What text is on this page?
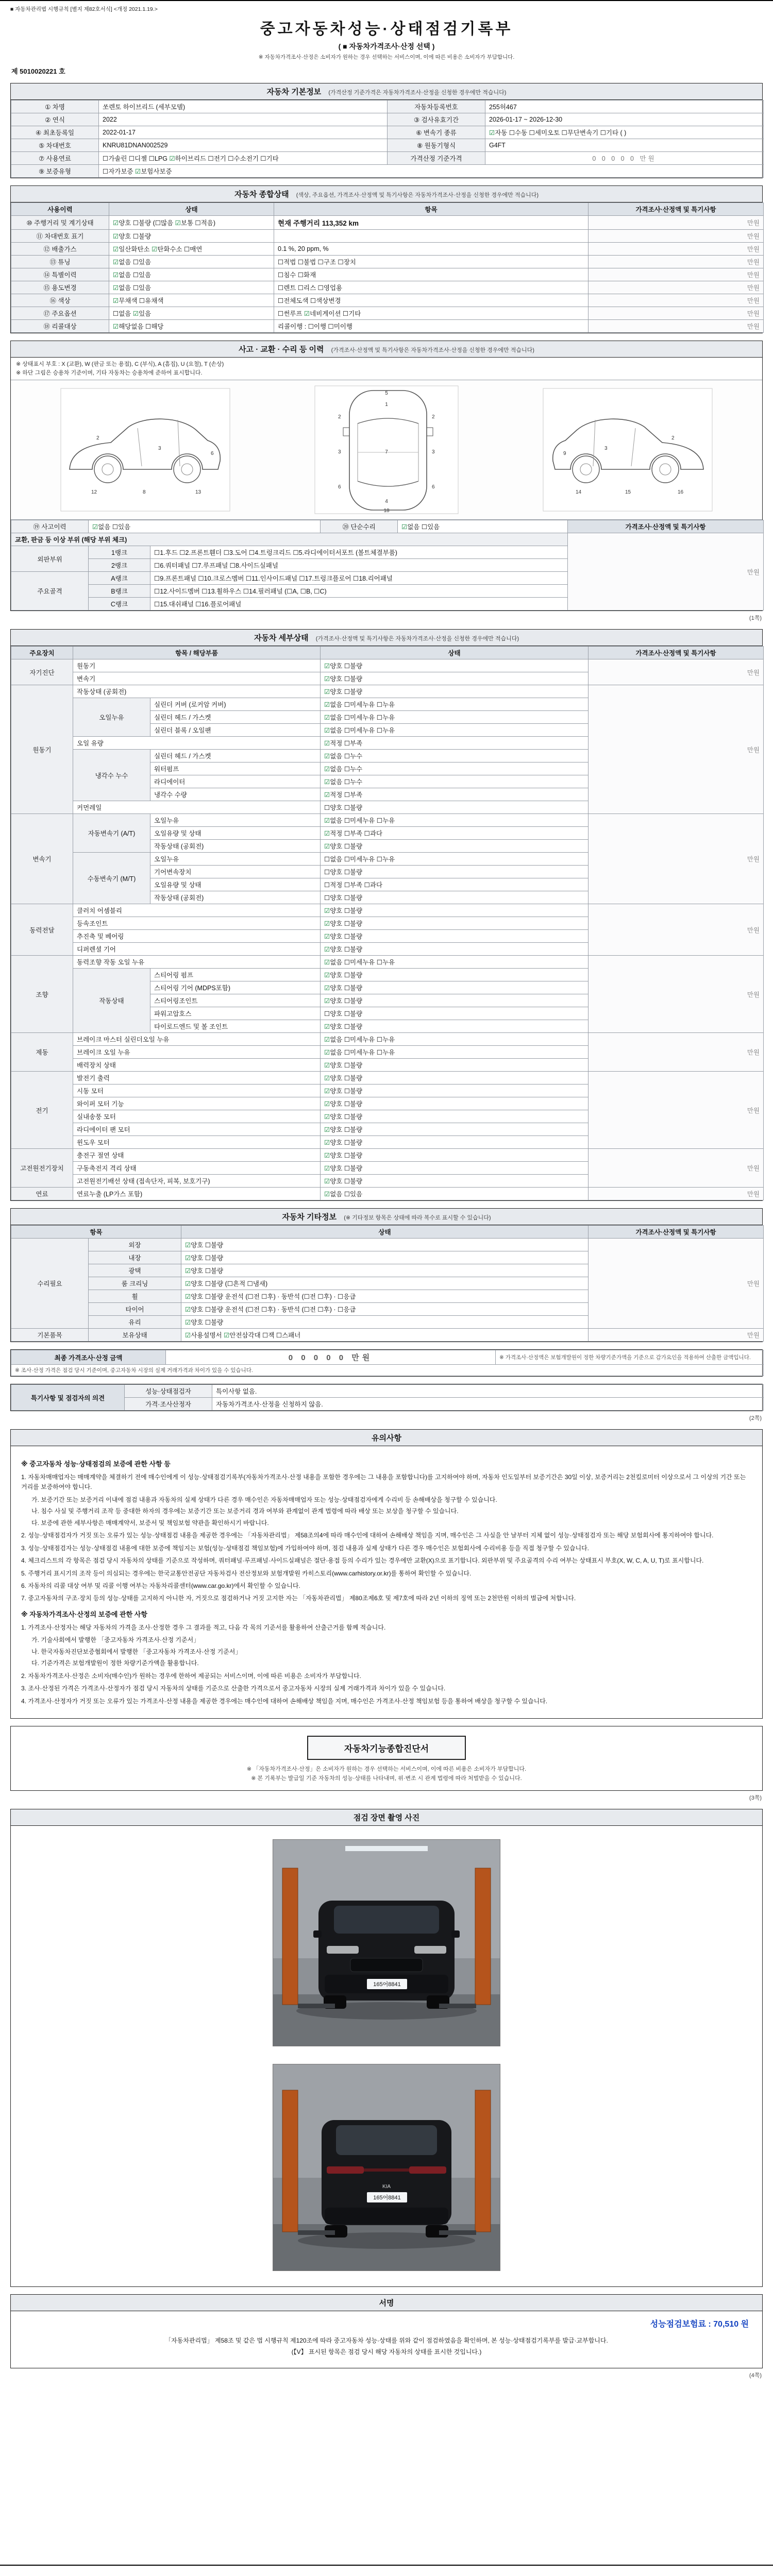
■ 자동차관리법 시행규칙 [별지 제82호서식] <개정 2021.1.19.>
중고자동차성능·상태점검기록부
( ■ 자동차가격조사·산정 선택 )
※ 자동차가격조사·산정은 소비자가 원하는 경우 선택하는 서비스이며, 이에 따른 비용은 소비자가 부담합니다.
제 5010020221 호
자동차 기본정보 (가격산정 기준가격은 자동차가격조사·산정을 신청한 경우에만 적습니다)
① 차명	쏘렌토 하이브리드 (세부모델)	자동차등록번호	255허467
② 연식	2022	③ 검사유효기간	2026-01-17 ~ 2026-12-30
④ 최초등록일	2022-01-17	⑥ 변속기 종류	☑자동 ☐수동 ☐세미오토 ☐무단변속기 ☐기타 ( )
⑤ 차대번호	KNRU81DNAN002529	⑧ 원동기형식	G4FT
⑦ 사용연료	☐가솔린 ☐디젤 ☐LPG ☑하이브리드 ☐전기 ☐수소전기 ☐기타	가격산정 기준가격	0 0 0 0 0 만원
⑨ 보증유형	☐자가보증 ☑보험사보증		
자동차 종합상태 (색상, 주요옵션, 가격조사·산정액 및 특기사항은 자동차가격조사·산정을 신청한 경우에만 적습니다)
사용이력	상태	항목	가격조사·산정액 및 특기사항
⑩ 주행거리 및 계기상태	☑양호 ☐불량 (☐많음 ☑보통 ☐적음)	현재 주행거리 113,352 km	만원
⑪ 차대번호 표기	☑양호 ☐불량		만원
⑫ 배출가스	☑일산화탄소 ☑탄화수소 ☐매연	0.1 %, 20 ppm, %	만원
⑬ 튜닝	☑없음 ☐있음	☐적법 ☐불법 ☐구조 ☐장치	만원
⑭ 특별이력	☑없음 ☐있음	☐침수 ☐화재	만원
⑮ 용도변경	☑없음 ☐있음	☐렌트 ☐리스 ☐영업용	만원
⑯ 색상	☑무채색 ☐유채색	☐전체도색 ☐색상변경	만원
⑰ 주요옵션	☐없음 ☑있음	☐썬루프 ☑네비게이션 ☐기타	만원
⑱ 리콜대상	☑해당없음 ☐해당	리콜이행 : ☐이행 ☐미이행	만원
사고 · 교환 · 수리 등 이력 (가격조사·산정액 및 특기사항은 자동차가격조사·산정을 신청한 경우에만 적습니다)
※ 상태표시 부호 : X (교환), W (판금 또는 용접), C (부식), A (흠집), U (요철), T (손상)
※ 하단 그림은 승용차 기준이며, 기타 자동차는 승용차에 준하여 표시합니다.
2
3
6
12	8	13
1
5
7
4
2	2
3	3
6	6
18
9
3
2
14	15	16
⑲ 사고이력	☑없음 ☐있음		⑳ 단순수리	☑없음 ☐있음	가격조사·산정액 및 특기사항
교환, 판금 등 이상 부위 (해당 부위 체크)					만원
외판부위	1랭크	☐1.후드 ☐2.프론트휀더 ☐3.도어 ☐4.트렁크리드 ☐5.라디에이터서포트 (볼트체결부품)			
	2랭크	☐6.쿼터패널 ☐7.루프패널 ☐8.사이드실패널			
주요골격	A랭크	☐9.프론트패널 ☐10.크로스멤버 ☐11.인사이드패널 ☐17.트렁크플로어 ☐18.리어패널			
	B랭크	☐12.사이드멤버 ☐13.휠하우스 ☐14.필러패널 (☐A, ☐B, ☐C)			
	C랭크	☐15.대쉬패널 ☐16.플로어패널			
(1쪽)
자동차 세부상태 (가격조사·산정액 및 특기사항은 자동차가격조사·산정을 신청한 경우에만 적습니다)
주요장치	항목 / 해당부품		상태	가격조사·산정액 및 특기사항
자기진단	원동기		☑양호 ☐불량	만원
	변속기		☑양호 ☐불량	
원동기	작동상태 (공회전)		☑양호 ☐불량	만원
	오일누유	실린더 커버 (로커암 커버)	☑없음 ☐미세누유 ☐누유	
		실린더 헤드 / 가스켓	☑없음 ☐미세누유 ☐누유	
		실린더 블록 / 오일팬	☑없음 ☐미세누유 ☐누유	
	오일 유량		☑적정 ☐부족	
	냉각수 누수	실린더 헤드 / 가스켓	☑없음 ☐누수	
		워터펌프	☑없음 ☐누수	
		라디에이터	☑없음 ☐누수	
		냉각수 수량	☑적정 ☐부족	
	커먼레일		☐양호 ☐불량	
변속기	자동변속기 (A/T)	오일누유	☑없음 ☐미세누유 ☐누유	만원
		오일유량 및 상태	☑적정 ☐부족 ☐과다	
		작동상태 (공회전)	☑양호 ☐불량	
	수동변속기 (M/T)	오일누유	☐없음 ☐미세누유 ☐누유	
		기어변속장치	☐양호 ☐불량	
		오일유량 및 상태	☐적정 ☐부족 ☐과다	
		작동상태 (공회전)	☐양호 ☐불량	
동력전달	클러치 어셈블리		☑양호 ☐불량	만원
	등속조인트		☑양호 ☐불량	
	추진축 및 베어링		☑양호 ☐불량	
	디퍼렌셜 기어		☑양호 ☐불량	
조향	동력조향 작동 오일 누유		☑없음 ☐미세누유 ☐누유	만원
	작동상태	스티어링 펌프	☑양호 ☐불량	
		스티어링 기어 (MDPS포함)	☑양호 ☐불량	
		스티어링조인트	☑양호 ☐불량	
		파워고압호스	☐양호 ☐불량	
		타이로드엔드 및 볼 조인트	☑양호 ☐불량	
제동	브레이크 마스터 실린더오일 누유		☑없음 ☐미세누유 ☐누유	만원
	브레이크 오일 누유		☑없음 ☐미세누유 ☐누유	
	배력장치 상태		☑양호 ☐불량	
전기	발전기 출력		☑양호 ☐불량	만원
	시동 모터		☑양호 ☐불량	
	와이퍼 모터 기능		☑양호 ☐불량	
	실내송풍 모터		☑양호 ☐불량	
	라디에이터 팬 모터		☑양호 ☐불량	
	윈도우 모터		☑양호 ☐불량	
고전원전기장치	충전구 절연 상태		☑양호 ☐불량	만원
	구동축전지 격리 상태		☑양호 ☐불량	
	고전원전기배선 상태 (접속단자, 피복, 보호기구)		☑양호 ☐불량	
연료	연료누출 (LP가스 포함)		☑없음 ☐있음	만원
자동차 기타정보 (※ 기타정보 항목은 상태에 따라 복수로 표시할 수 있습니다)
항목		상태	가격조사·산정액 및 특기사항
수리필요	외장	☑양호 ☐불량	만원
	내장	☑양호 ☐불량	
	광택	☑양호 ☐불량	
	룸 크리닝	☑양호 ☐불량 (☐흔적 ☐냄새)	
	휠	☑양호 ☐불량 운전석 (☐전 ☐후) · 동반석 (☐전 ☐후) · ☐응급	
	타이어	☑양호 ☐불량 운전석 (☐전 ☐후) · 동반석 (☐전 ☐후) · ☐응급	
	유리	☑양호 ☐불량	
기본품목	보유상태	☑사용설명서 ☑안전삼각대 ☐잭 ☐스패너	만원
최종 가격조사·산정 금액	0 0 0 0 0 만원	※ 가격조사·산정액은 보험개발원이 정한 차량기준가액을 기준으로 감가요인을 적용하여 산출한 금액입니다.
※ 조사·산정 가격은 점검 당시 기준이며, 중고자동차 시장의 실제 거래가격과 차이가 있을 수 있습니다.
특기사항 및 점검자의 의견	성능·상태점검자	특이사항 없음.
	가격·조사산정자	자동차가격조사·산정을 신청하지 않음.
(2쪽)
유의사항
※ 중고자동차 성능·상태점검의 보증에 관한 사항 등
1. 자동차매매업자는 매매계약을 체결하기 전에 매수인에게 이 성능·상태점검기록부(자동차가격조사·산정 내용을 포함한 경우에는 그 내용을 포함합니다)를 고지하여야 하며, 자동차 인도일부터 보증기간은 30일 이상, 보증거리는 2천킬로미터 이상으로서 그 이상의 기간 또는 거리를 보증하여야 합니다.
가. 보증기간 또는 보증거리 이내에 점검 내용과 자동차의 실제 상태가 다른 경우 매수인은 자동차매매업자 또는 성능·상태점검자에게 수리비 등 손해배상을 청구할 수 있습니다.
나. 침수 사실 및 주행거리 조작 등 중대한 하자의 경우에는 보증기간 또는 보증거리 경과 여부와 관계없이 관계 법령에 따라 배상 또는 보상을 청구할 수 있습니다.
다. 보증에 관한 세부사항은 매매계약서, 보증서 및 책임보험 약관을 확인하시기 바랍니다.
2. 성능·상태점검자가 거짓 또는 오류가 있는 성능·상태점검 내용을 제공한 경우에는 「자동차관리법」 제58조의4에 따라 매수인에 대하여 손해배상 책임을 지며, 매수인은 그 사실을 안 날부터 지체 없이 성능·상태점검자 또는 해당 보험회사에 통지하여야 합니다.
3. 성능·상태점검자는 성능·상태점검 내용에 대한 보증에 책임지는 보험(성능·상태점검 책임보험)에 가입하여야 하며, 점검 내용과 실제 상태가 다른 경우 매수인은 보험회사에 수리비용 등을 직접 청구할 수 있습니다.
4. 체크리스트의 각 항목은 점검 당시 자동차의 상태를 기준으로 작성하며, 쿼터패널·루프패널·사이드실패널은 절단·용접 등의 수리가 있는 경우에만 교환(X)으로 표기합니다. 외판부위 및 주요골격의 수리 여부는 상태표시 부호(X, W, C, A, U, T)로 표시합니다.
5. 주행거리 표시기의 조작 등이 의심되는 경우에는 한국교통안전공단 자동차검사 전산정보와 보험개발원 카히스토리(www.carhistory.or.kr)를 통하여 확인할 수 있습니다.
6. 자동차의 리콜 대상 여부 및 리콜 이행 여부는 자동차리콜센터(www.car.go.kr)에서 확인할 수 있습니다.
7. 중고자동차의 구조·장치 등의 성능·상태를 고지하지 아니한 자, 거짓으로 점검하거나 거짓 고지한 자는 「자동차관리법」 제80조제6호 및 제7호에 따라 2년 이하의 징역 또는 2천만원 이하의 벌금에 처합니다.
※ 자동차가격조사·산정의 보증에 관한 사항
1. 가격조사·산정자는 해당 자동차의 가격을 조사·산정한 경우 그 결과를 적고, 다음 각 목의 기준서를 활용하여 산출근거를 함께 적습니다.
가. 기술사회에서 발행한 「중고자동차 가격조사·산정 기준서」
나. 한국자동차진단보증협회에서 발행한 「중고자동차 가격조사·산정 기준서」
다. 기준가격은 보험개발원이 정한 차량기준가액을 활용합니다.
2. 자동차가격조사·산정은 소비자(매수인)가 원하는 경우에 한하여 제공되는 서비스이며, 이에 따른 비용은 소비자가 부담합니다.
3. 조사·산정된 가격은 가격조사·산정자가 점검 당시 자동차의 상태를 기준으로 산출한 가격으로서 중고자동차 시장의 실제 거래가격과 차이가 있을 수 있습니다.
4. 가격조사·산정자가 거짓 또는 오류가 있는 가격조사·산정 내용을 제공한 경우에는 매수인에 대하여 손해배상 책임을 지며, 매수인은 가격조사·산정 책임보험 등을 통하여 배상을 청구할 수 있습니다.
자동차기능종합진단서
※ 「자동차가격조사·산정」은 소비자가 원하는 경우 선택하는 서비스이며, 이에 따른 비용은 소비자가 부담합니다.
※ 본 기록부는 발급일 기준 자동차의 성능·상태를 나타내며, 위·변조 시 관계 법령에 따라 처벌받을 수 있습니다.
(3쪽)
점검 장면 촬영 사진
165어8841
KIA
165어8841
서명
성능점검보험료 : 70,510 원
「자동차관리법」 제58조 및 같은 법 시행규칙 제120조에 따라 중고자동차 성능·상태를 위와 같이 점검하였음을 확인하며, 본 성능·상태점검기록부를 발급·교부합니다.
(【V】 표시된 항목은 점검 당시 해당 자동차의 상태를 표시한 것입니다.)
(4쪽)
